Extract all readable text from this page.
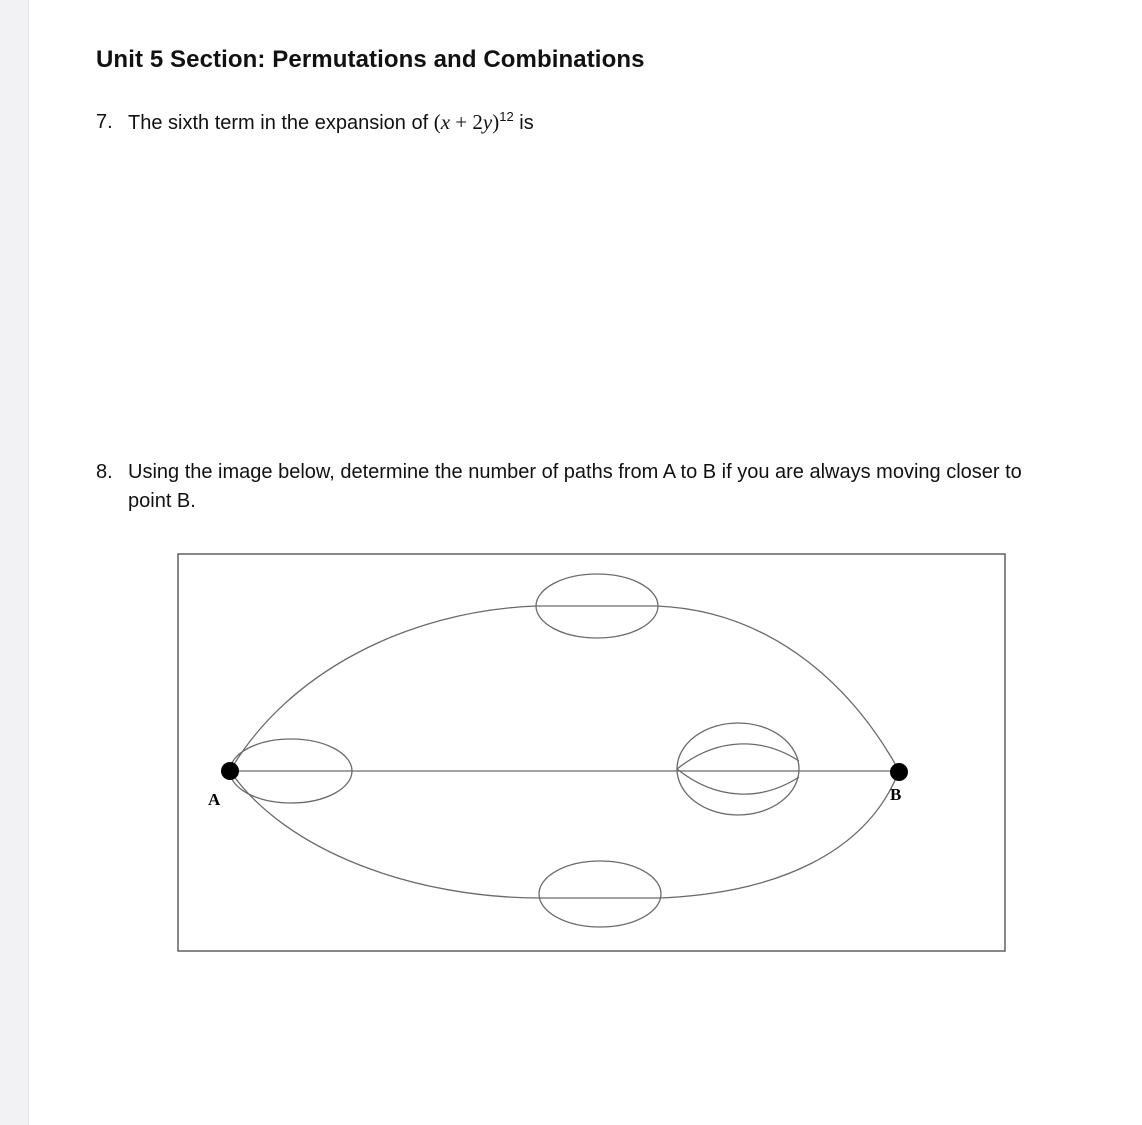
Unit 5 Section: Permutations and Combinations
7. The sixth term in the expansion of $(x + 2y)^{12}$ is
8. Using the image below, determine the number of paths from A to B if you are always moving closer to point B.
A	B
